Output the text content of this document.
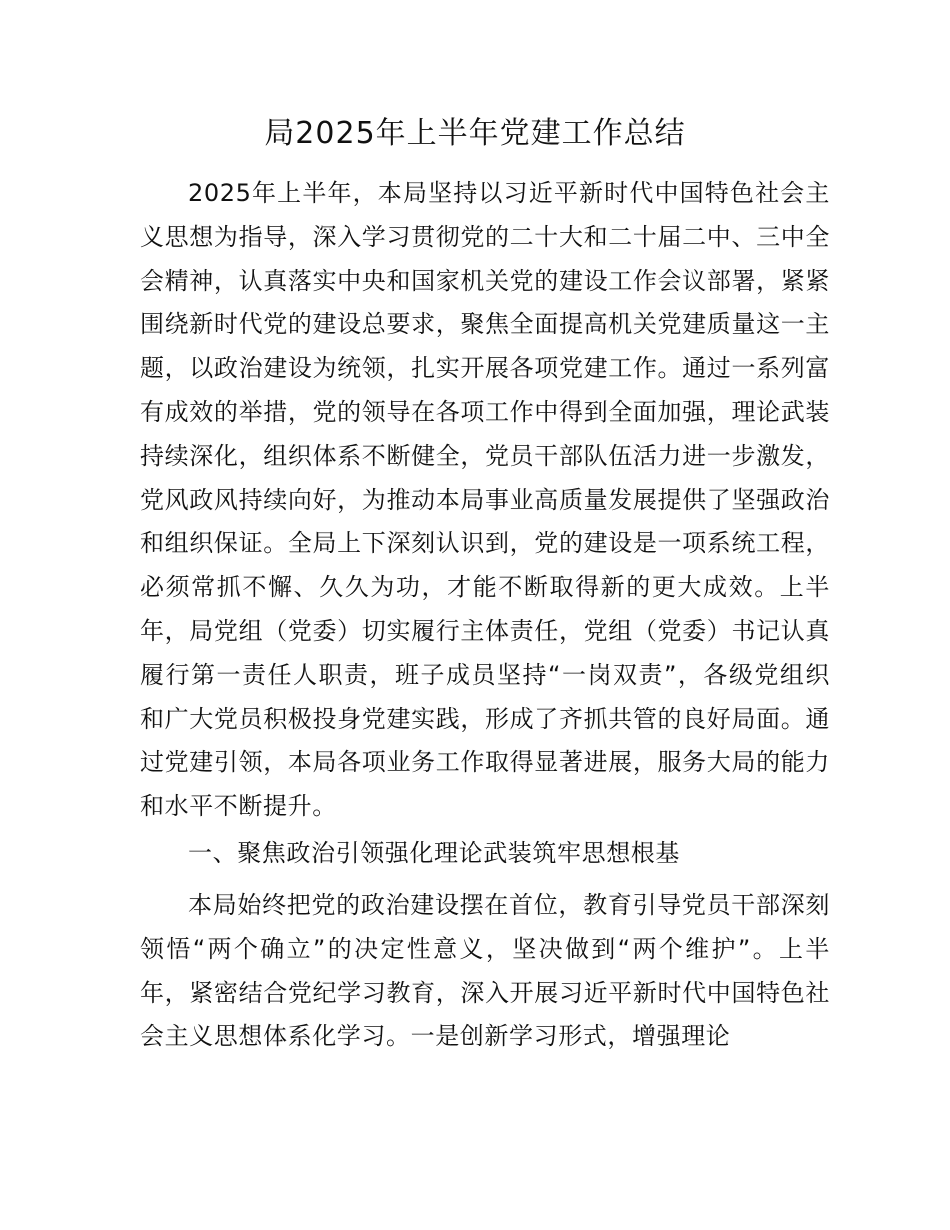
局2025年上半年党建工作总结

2025年上半年，本局坚持以习近平新时代中国特色社会主义思想为指导，深入学习贯彻党的二十大和二十届二中、三中全会精神，认真落实中央和国家机关党的建设工作会议部署，紧紧围绕新时代党的建设总要求，聚焦全面提高机关党建质量这一主题，以政治建设为统领，扎实开展各项党建工作。通过一系列富有成效的举措，党的领导在各项工作中得到全面加强，理论武装持续深化，组织体系不断健全，党员干部队伍活力进一步激发，党风政风持续向好，为推动本局事业高质量发展提供了坚强政治和组织保证。全局上下深刻认识到，党的建设是一项系统工程，必须常抓不懈、久久为功，才能不断取得新的更大成效。上半年，局党组（党委）切实履行主体责任，党组（党委）书记认真履行第一责任人职责，班子成员坚持“一岗双责”，各级党组织和广大党员积极投身党建实践，形成了齐抓共管的良好局面。通过党建引领，本局各项业务工作取得显著进展，服务大局的能力和水平不断提升。

一、聚焦政治引领强化理论武装筑牢思想根基

本局始终把党的政治建设摆在首位，教育引导党员干部深刻领悟“两个确立”的决定性意义，坚决做到“两个维护”。上半年，紧密结合党纪学习教育，深入开展习近平新时代中国特色社会主义思想体系化学习。一是创新学习形式，增强理论
